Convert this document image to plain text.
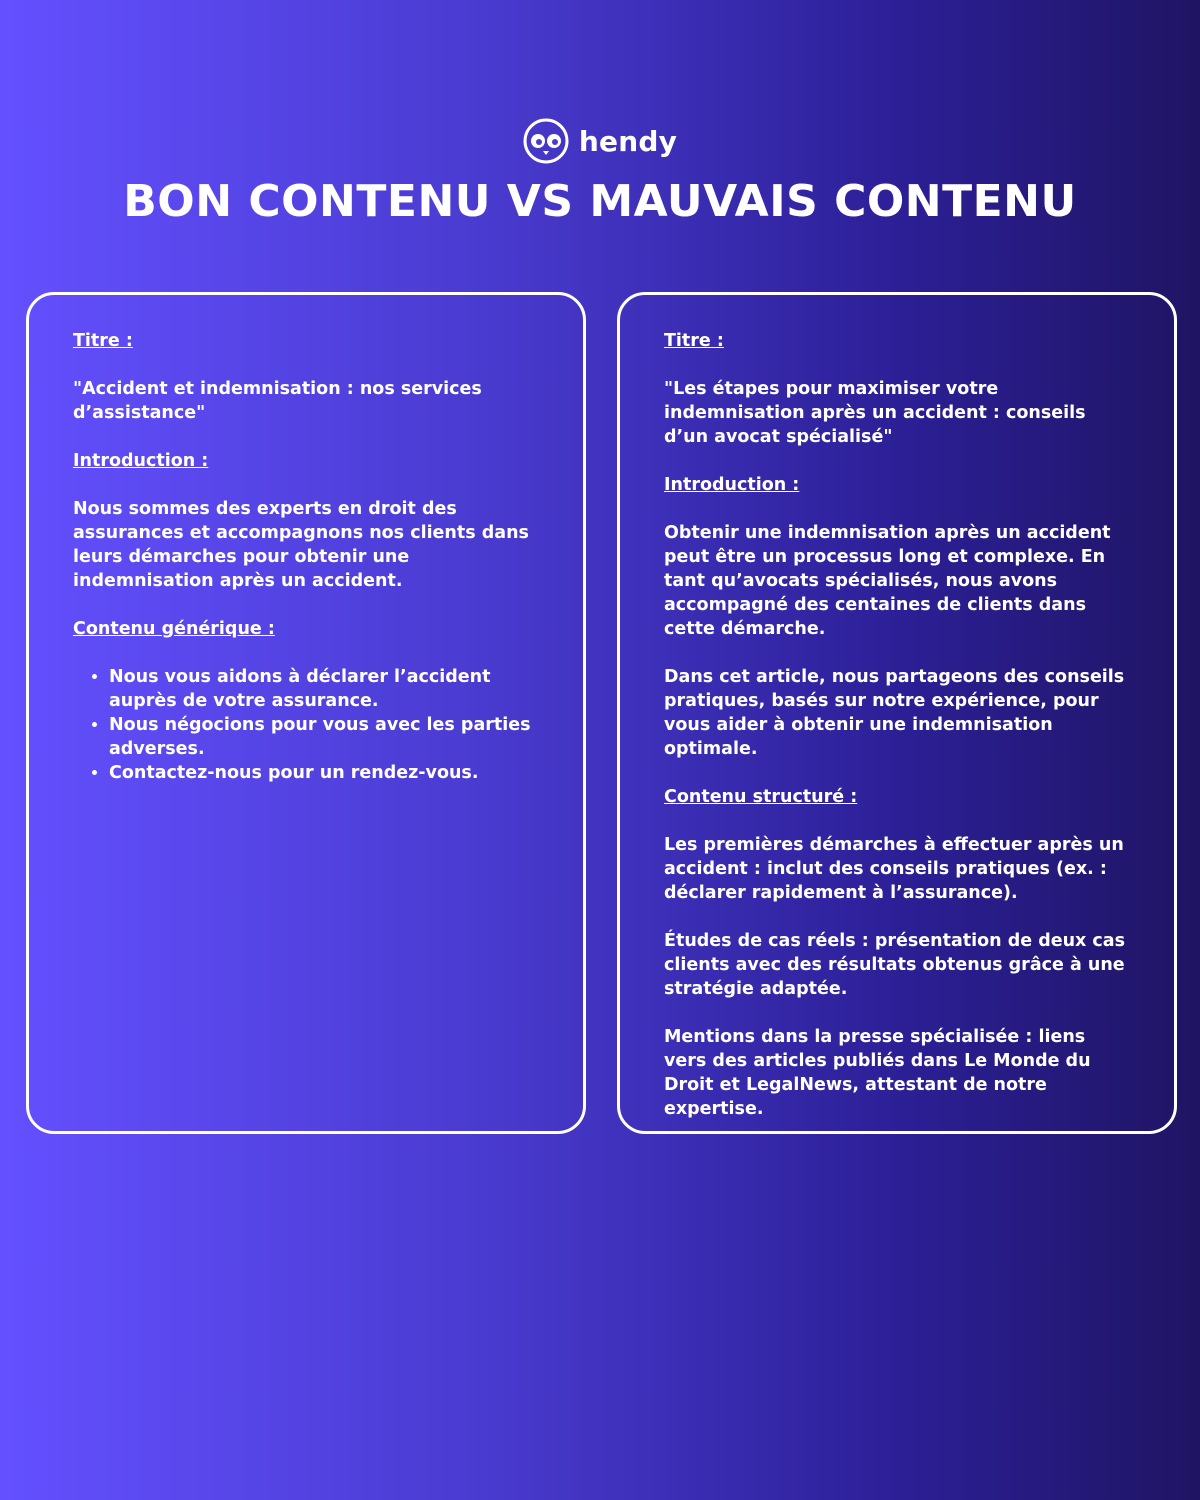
hendy
BON CONTENU VS MAUVAIS CONTENU

Titre :

"Accident et indemnisation : nos services d’assistance"

Introduction :

Nous sommes des experts en droit des assurances et accompagnons nos clients dans leurs démarches pour obtenir une indemnisation après un accident.

Contenu générique :

• Nous vous aidons à déclarer l’accident auprès de votre assurance.
• Nous négocions pour vous avec les parties adverses.
• Contactez-nous pour un rendez-vous.

Titre :

"Les étapes pour maximiser votre indemnisation après un accident : conseils d’un avocat spécialisé"

Introduction :

Obtenir une indemnisation après un accident peut être un processus long et complexe. En tant qu’avocats spécialisés, nous avons accompagné des centaines de clients dans cette démarche.

Dans cet article, nous partageons des conseils pratiques, basés sur notre expérience, pour vous aider à obtenir une indemnisation optimale.

Contenu structuré :

Les premières démarches à effectuer après un accident : inclut des conseils pratiques (ex. : déclarer rapidement à l’assurance).

Études de cas réels : présentation de deux cas clients avec des résultats obtenus grâce à une stratégie adaptée.

Mentions dans la presse spécialisée : liens vers des articles publiés dans Le Monde du Droit et LegalNews, attestant de notre expertise.
